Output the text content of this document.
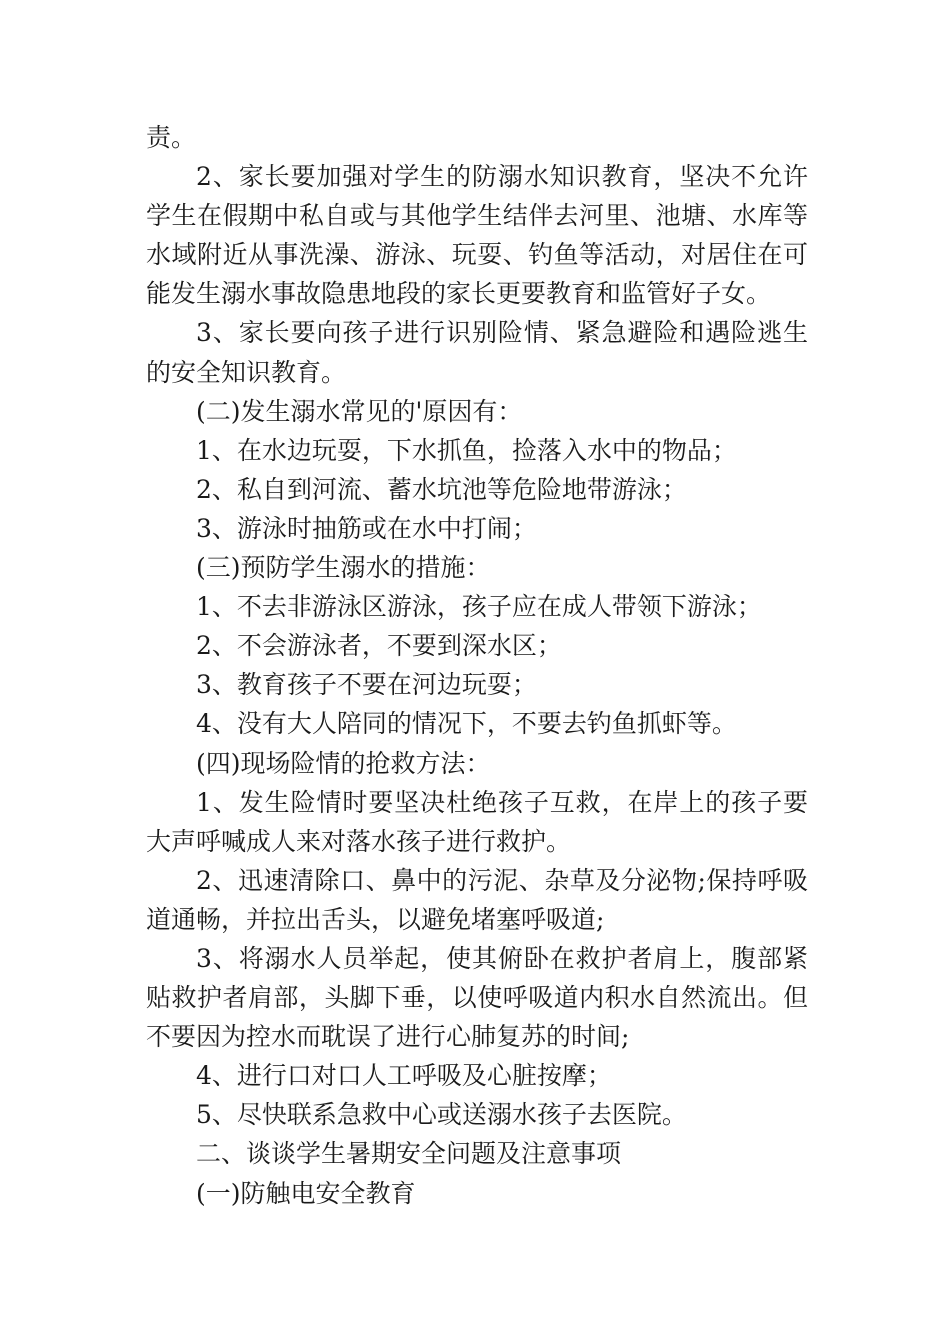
责。

2、家长要加强对学生的防溺水知识教育，坚决不允许学生在假期中私自或与其他学生结伴去河里、池塘、水库等水域附近从事洗澡、游泳、玩耍、钓鱼等活动，对居住在可能发生溺水事故隐患地段的家长更要教育和监管好子女。

3、家长要向孩子进行识别险情、紧急避险和遇险逃生的安全知识教育。

(二)发生溺水常见的'原因有：

1、在水边玩耍，下水抓鱼，捡落入水中的物品；

2、私自到河流、蓄水坑池等危险地带游泳；

3、游泳时抽筋或在水中打闹；

(三)预防学生溺水的措施：

1、不去非游泳区游泳，孩子应在成人带领下游泳；

2、不会游泳者，不要到深水区；

3、教育孩子不要在河边玩耍；

4、没有大人陪同的情况下，不要去钓鱼抓虾等。

(四)现场险情的抢救方法：

1、发生险情时要坚决杜绝孩子互救，在岸上的孩子要大声呼喊成人来对落水孩子进行救护。

2、迅速清除口、鼻中的污泥、杂草及分泌物;保持呼吸道通畅，并拉出舌头，以避免堵塞呼吸道;

3、将溺水人员举起，使其俯卧在救护者肩上，腹部紧贴救护者肩部，头脚下垂，以使呼吸道内积水自然流出。但不要因为控水而耽误了进行心肺复苏的时间;

4、进行口对口人工呼吸及心脏按摩；

5、尽快联系急救中心或送溺水孩子去医院。

二、谈谈学生暑期安全问题及注意事项

(一)防触电安全教育
